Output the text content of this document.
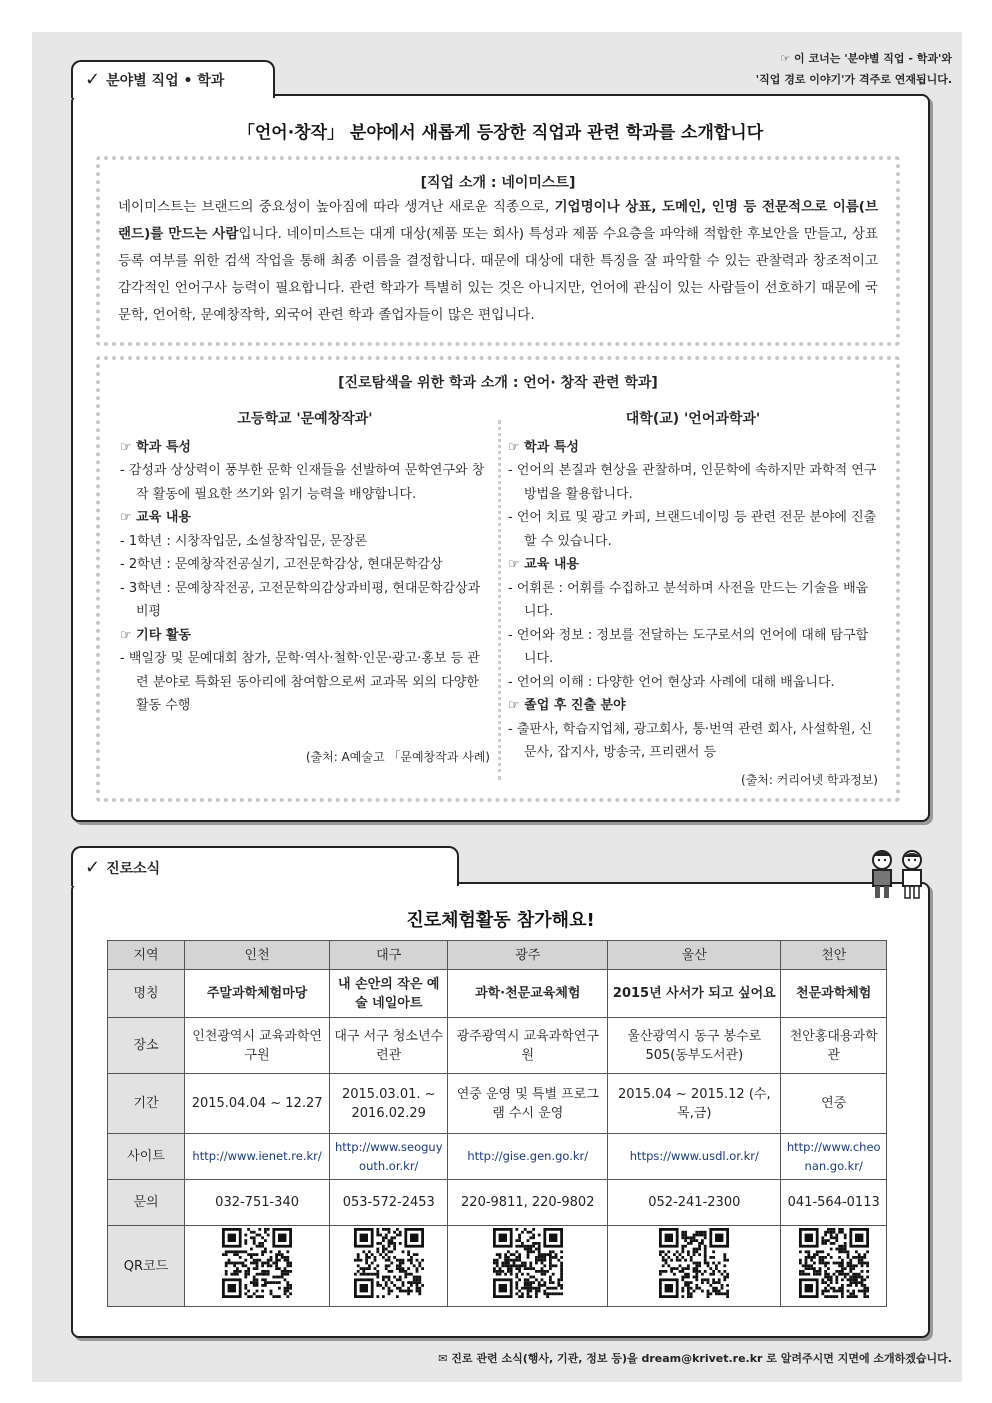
☞ 이 코너는 '분야별 직업 - 학과'와
'직업 경로 이야기'가 격주로 연재됩니다.
✓ 분야별 직업 • 학과
「언어·창작」 분야에서 새롭게 등장한 직업과 관련 학과를 소개합니다
[직업 소개 : 네이미스트]
네이미스트는 브랜드의 중요성이 높아짐에 따라 생겨난 새로운 직종으로, 기업명이나 상표, 도메인, 인명 등 전문적으로 이름(브랜드)를 만드는 사람입니다. 네이미스트는 대게 대상(제품 또는 회사) 특성과 제품 수요층을 파악해 적합한 후보안을 만들고, 상표등록 여부를 위한 검색 작업을 통해 최종 이름을 결정합니다. 때문에 대상에 대한 특징을 잘 파악할 수 있는 관찰력과 창조적이고 감각적인 언어구사 능력이 필요합니다. 관련 학과가 특별히 있는 것은 아니지만, 언어에 관심이 있는 사람들이 선호하기 때문에 국문학, 언어학, 문예창작학, 외국어 관련 학과 졸업자들이 많은 편입니다.
[진로탐색을 위한 학과 소개 : 언어· 창작 관련 학과]
고등학교 '문예창작과'
☞ 학과 특성
- 감성과 상상력이 풍부한 문학 인재들을 선발하여 문학연구와 창작 활동에 필요한 쓰기와 읽기 능력을 배양합니다.
☞ 교육 내용
- 1학년 : 시창작입문, 소설창작입문, 문장론
- 2학년 : 문예창작전공실기, 고전문학감상, 현대문학감상
- 3학년 : 문예창작전공, 고전문학의감상과비평, 현대문학감상과비평
☞ 기타 활동
- 백일장 및 문예대회 참가, 문학·역사·철학·인문·광고·홍보 등 관련 분야로 특화된 동아리에 참여함으로써 교과목 외의 다양한 활동 수행
(출처: A예술고 「문예창작과 사례)
대학(교) '언어과학과'
☞ 학과 특성
- 언어의 본질과 현상을 관찰하며, 인문학에 속하지만 과학적 연구 방법을 활용합니다.
- 언어 치료 및 광고 카피, 브랜드네이밍 등 관련 전문 분야에 진출할 수 있습니다.
☞ 교육 내용
- 어휘론 : 어휘를 수집하고 분석하며 사전을 만드는 기술을 배웁니다.
- 언어와 정보 : 정보를 전달하는 도구로서의 언어에 대해 탐구합니다.
- 언어의 이해 : 다양한 언어 현상과 사례에 대해 배웁니다.
☞ 졸업 후 진출 분야
- 출판사, 학습지업체, 광고회사, 통·번역 관련 회사, 사설학원, 신문사, 잡지사, 방송국, 프리랜서 등
(출처: 커리어넷 학과정보)
✓ 진로소식
진로체험활동 참가해요!
지역	인천	대구	광주	울산	천안
명칭	주말과학체험마당	내 손안의 작은 예술 네일아트	과학·천문교육체험	2015년 사서가 되고 싶어요	천문과학체험
장소	인천광역시 교육과학연구원	대구 서구 청소년수련관	광주광역시 교육과학연구원	울산광역시 동구 봉수로 505(동부도서관)	천안홍대용과학관
기간	2015.04.04 ~ 12.27	2015.03.01. ~ 2016.02.29	연중 운영 및 특별 프로그램 수시 운영	2015.04 ~ 2015.12 (수,목,금)	연중
사이트	http://www.ienet.re.kr/	http://www.seoguyouth.or.kr/	http://gise.gen.go.kr/	https://www.usdl.or.kr/	http://www.cheonan.go.kr/
문의	032-751-340	053-572-2453	220-9811, 220-9802	052-241-2300	041-564-0113
QR코드					
✉ 진로 관련 소식(행사, 기관, 정보 등)을 dream@krivet.re.kr 로 알려주시면 지면에 소개하겠습니다.
